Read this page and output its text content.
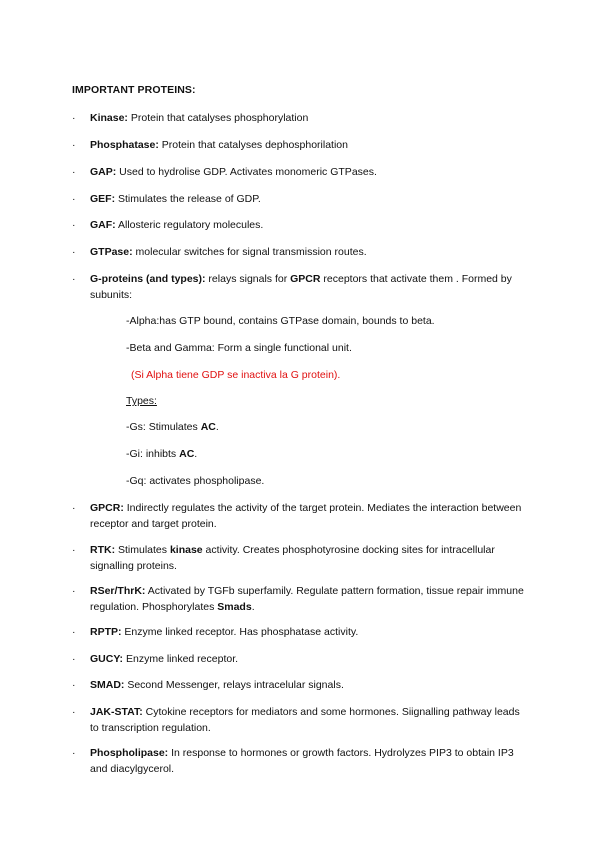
IMPORTANT PROTEINS:
·	Kinase: Protein that catalyses phosphorylation
·	Phosphatase: Protein that catalyses dephosphorilation
·	GAP: Used to hydrolise GDP. Activates monomeric GTPases.
·	GEF: Stimulates the release of GDP.
·	GAF: Allosteric regulatory molecules.
·	GTPase: molecular switches for signal transmission routes.
·	G-proteins (and types): relays signals for GPCR receptors that activate them . Formed by subunits:
-Alpha:has GTP bound, contains GTPase domain, bounds to beta.
-Beta and Gamma: Form a single functional unit.
(Si Alpha tiene GDP se inactiva la G protein).
Types:
-Gs: Stimulates AC.
-Gi: inhibts AC.
-Gq: activates phospholipase.
·	GPCR: Indirectly regulates the activity of the target protein. Mediates the interaction between receptor and target protein.
·	RTK: Stimulates kinase activity. Creates phosphotyrosine docking sites for intracellular signalling proteins.
·	RSer/ThrK: Activated by TGFb superfamily. Regulate pattern formation, tissue repair immune regulation. Phosphorylates Smads.
·	RPTP: Enzyme linked receptor. Has phosphatase activity.
·	GUCY: Enzyme linked receptor.
·	SMAD: Second Messenger, relays intracelular signals.
·	JAK-STAT: Cytokine receptors for mediators and some hormones. Siignalling pathway leads to transcription regulation.
·	Phospholipase: In response to hormones or growth factors. Hydrolyzes PIP3 to obtain IP3 and diacylgycerol.
